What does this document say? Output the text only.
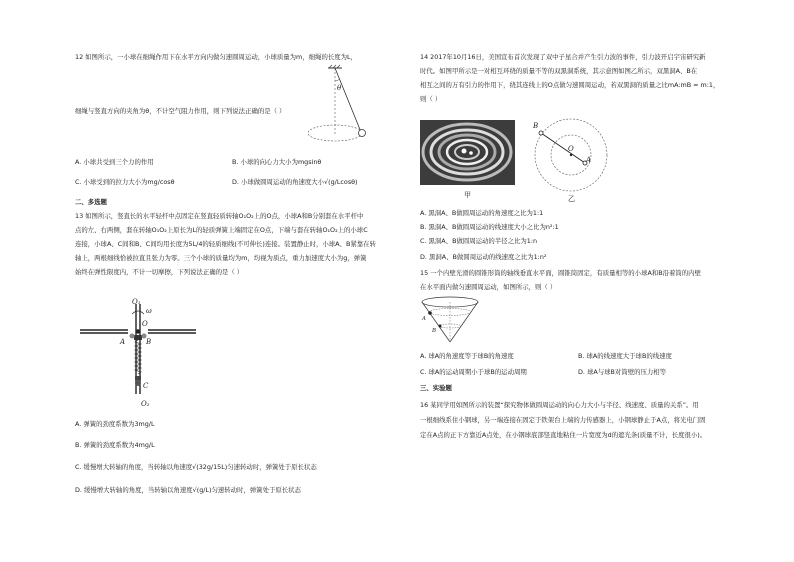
12 如图所示，一小球在细绳作用下在水平方向内做匀速圆周运动，小球质量为m，细绳的长度为L，
细绳与竖直方向的夹角为θ，不计空气阻力作用，则下列说法正确的是（ ）
θ
A. 小球共受到三个力的作用	B. 小球的向心力大小为mgsinθ
C. 小球受到的拉力大小为mg/cosθ	D. 小球做圆周运动的角速度大小√(g/Lcosθ)
二、多选题
13 如图所示，竖直长的水平轻杆中点固定在竖直轻质转轴O₁O₂上的O点，小球A和B分别套在水平杆中
点的左、右两侧，套在转轴O₁O₂上原长为L的轻质弹簧上端固定在O点，下端与套在转轴O₁O₂上的小球C
连接，小球A、C间和B、C间均用长度为5L/4的轻质细线(不可伸长)连接。装置静止时，小球A、B紧靠在转
轴上，两根细线恰被拉直且张力为零。三个小球的质量均为m，均视为质点，重力加速度大小为g，弹簧
始终在弹性限度内，不计一切摩擦，下列说法正确的是（ ）
O₁
ω
O
A	B
C
O₂
A. 弹簧的劲度系数为3mg/L
B. 弹簧的劲度系数为4mg/L
C. 缓慢增大转轴的角度，当转轴以角速度√(32g/15L)匀速转动时，弹簧处于原长状态
D. 缓慢增大转轴的角度，当转轴以角速度√(g/L)匀速转动时，弹簧处于原长状态
14 2017年10月16日，美国宣布首次发现了双中子星合并产生引力波的事件，引力波开启宇宙研究新
时代。如图甲所示是一对相互环绕的质量不等的双黑洞系统，其示意图如图乙所示，双黑洞A、B在
相互之间的万有引力的作用下，绕其连线上的O点做匀速圆周运动，若双黑洞的质量之比mA:mB = m:1，
则（ ）
甲
B
A
O
乙
A. 黑洞A、B做圆周运动的角速度之比为1:1
B. 黑洞A、B做圆周运动的线速度大小之比为n²:1
C. 黑洞A、B做圆周运动的半径之比为1:n
D. 黑洞A、B做圆周运动的线速度之比为1:n²
15 一个内壁光滑的圆锥形筒的轴线垂直水平面，圆锥筒固定，有质量相等的小球A和B沿着筒的内壁
在水平面内做匀速圆周运动，如图所示，则（ ）
A
B
A. 球A的角速度等于球B的角速度	B. 球A的线速度大于球B的线速度
C. 球A的运动周期小于球B的运动周期	D. 球A与球B对筒壁的压力相等
三、实验题
16 某同学用如图所示的装置“探究物体做圆周运动的向心力大小与半径、线速度、质量的关系”。用
一根细线系住小钢球，另一端连接在固定于铁架台上端的力传感器上，小钢球静止于A点，将光电门固
定在A点的正下方靠近A点处，在小钢球底部竖直地粘住一片宽度为d的遮光条(质量不计，长度很小)。
